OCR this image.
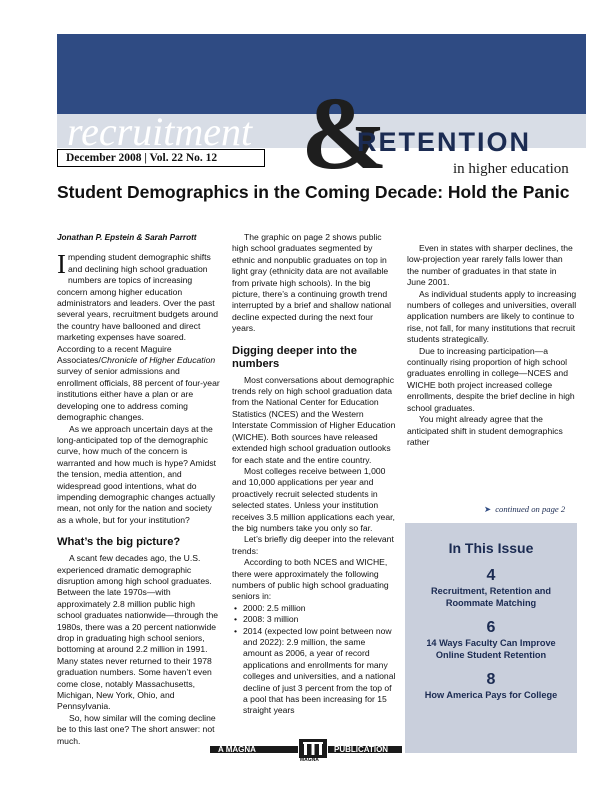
recruitment &
RETENTION
in higher education
December 2008 | Vol. 22 No. 12
Student Demographics in the Coming Decade: Hold the Panic

Jonathan P. Epstein & Sarah Parrott

Impending student demographic shifts and declining high school graduation numbers are topics of increasing concern among higher education administrators and leaders. Over the past several years, recruitment budgets around the country have ballooned and direct marketing expenses have soared. According to a recent Maguire Associates/Chronicle of Higher Education survey of senior admissions and enrollment officials, 88 percent of four-year institutions either have a plan or are developing one to address coming demographic changes.

As we approach uncertain days at the long-anticipated top of the demographic curve, how much of the concern is warranted and how much is hype? Amidst the tension, media attention, and widespread good intentions, what do impending demographic changes actually mean, not only for the nation and society as a whole, but for your institution?

What’s the big picture?

A scant few decades ago, the U.S. experienced dramatic demographic disruption among high school graduates. Between the late 1970s—with approximately 2.8 million public high school graduates nationwide—through the 1980s, there was a 20 percent nationwide drop in graduating high school seniors, bottoming at around 2.2 million in 1991. Many states never returned to their 1978 graduation numbers. Some haven’t even come close, notably Massachusetts, Michigan, New York, Ohio, and Pennsylvania.

So, how similar will the coming decline be to this last one? The short answer: not much.

The graphic on page 2 shows public high school graduates segmented by ethnic and nonpublic graduates on top in light gray (ethnicity data are not available from private high schools). In the big picture, there’s a continuing growth trend interrupted by a brief and shallow national decline expected during the next four years.

Digging deeper into the numbers

Most conversations about demographic trends rely on high school graduation data from the National Center for Education Statistics (NCES) and the Western Interstate Commission of Higher Education (WICHE). Both sources have released extended high school graduation outlooks for each state and the entire country.

Most colleges receive between 1,000 and 10,000 applications per year and proactively recruit selected students in selected states. Unless your institution receives 3.5 million applications each year, the big numbers take you only so far.

Let’s briefly dig deeper into the relevant trends:

According to both NCES and WICHE, there were approximately the following numbers of public high school graduating seniors in:

• 2000: 2.5 million
• 2008: 3 million
• 2014 (expected low point between now and 2022): 2.9 million, the same amount as 2006, a year of record applications and enrollments for many colleges and universities, and a national decline of just 3 percent from the top of a pool that has been increasing for 15 straight years

Even in states with sharper declines, the low-projection year rarely falls lower than the number of graduates in that state in June 2001.

As individual students apply to increasing numbers of colleges and universities, overall application numbers are likely to continue to rise, not fall, for many institutions that recruit students strategically.

Due to increasing participation—a continually rising proportion of high school graduates enrolling in college—NCES and WICHE both project increased college enrollments, despite the brief decline in high school graduates.

You might already agree that the anticipated shift in student demographics rather

➤ continued on page 2
In This Issue
4
Recruitment, Retention and Roommate Matching
6
14 Ways Faculty Can Improve Online Student Retention
8
How America Pays for College
A MAGNA	PUBLICATION
MAGNA
